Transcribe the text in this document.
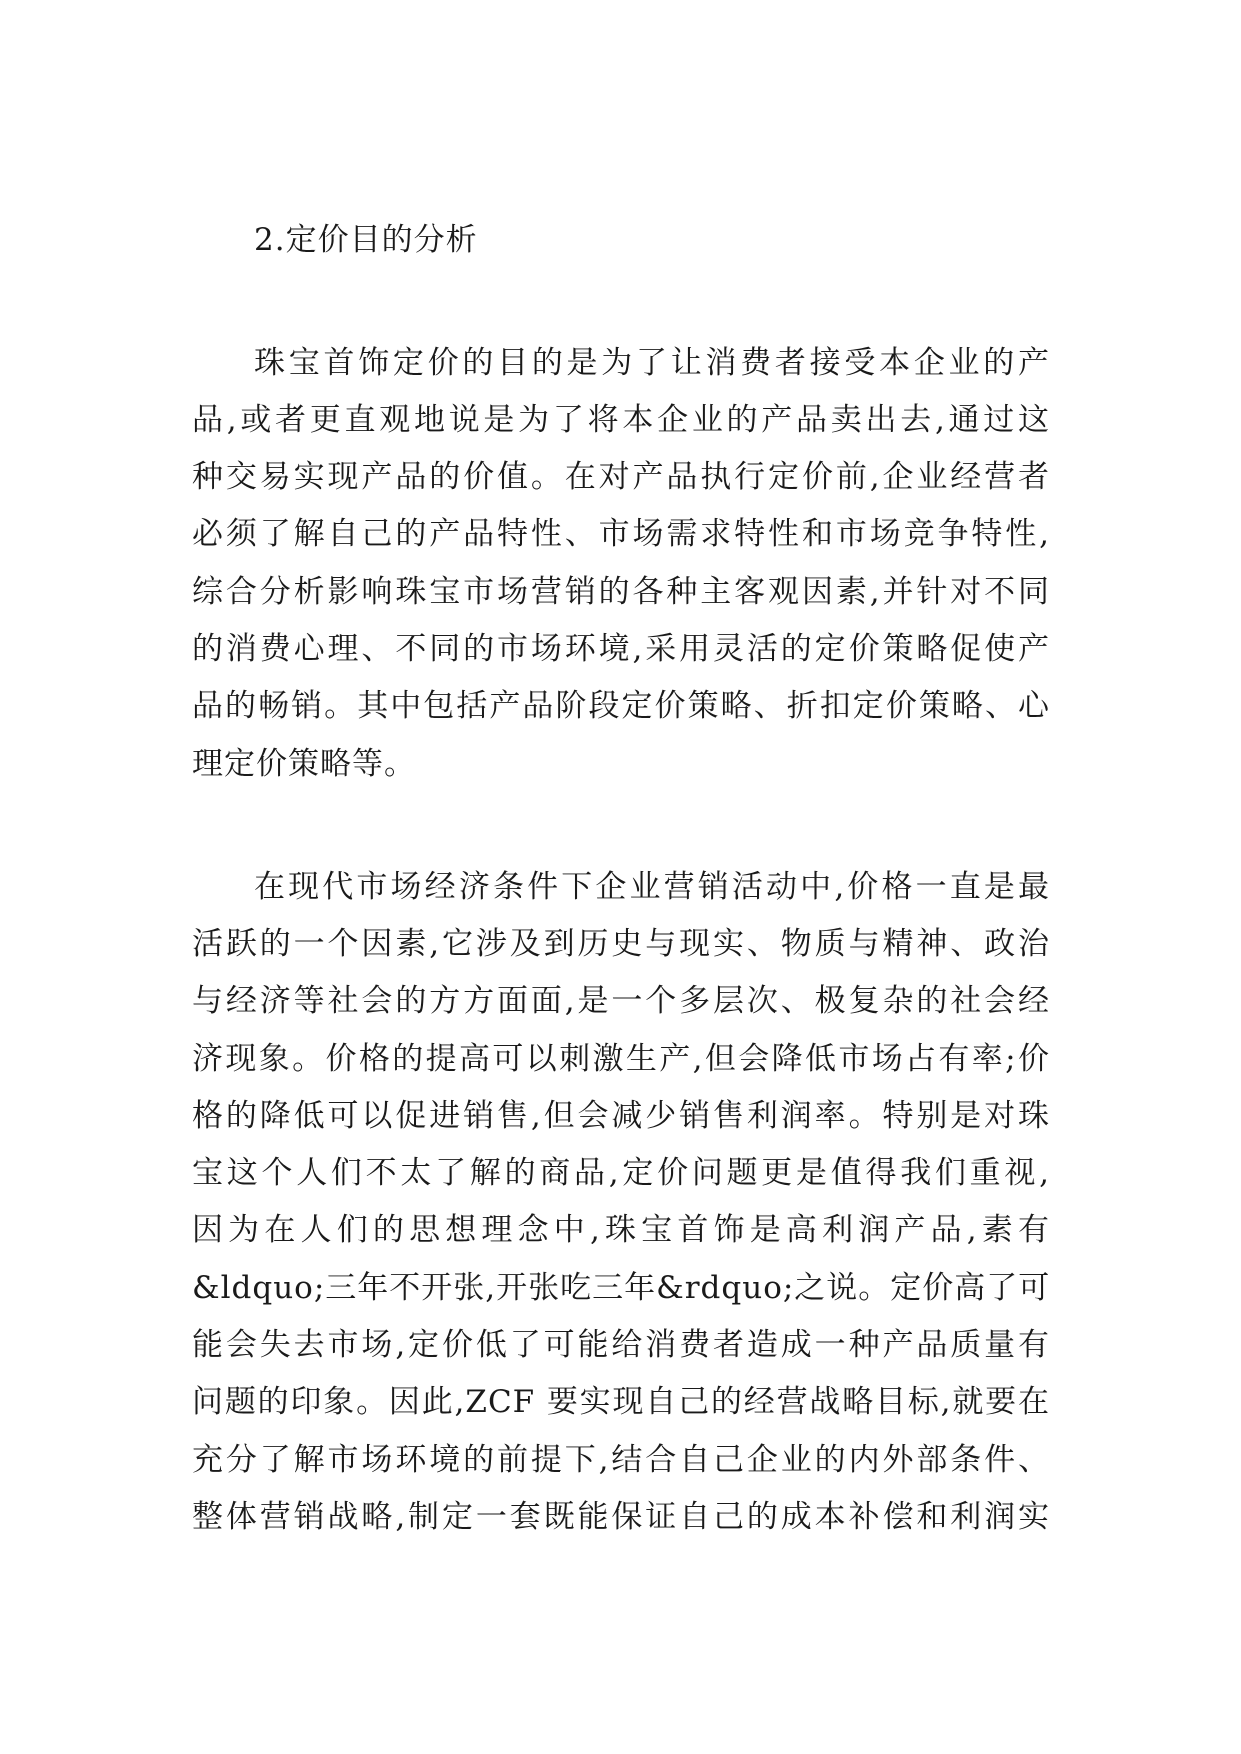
2.定价目的分析
珠宝首饰定价的目的是为了让消费者接受本企业的产
品,或者更直观地说是为了将本企业的产品卖出去,通过这
种交易实现产品的价值。在对产品执行定价前,企业经营者
必须了解自己的产品特性、市场需求特性和市场竞争特性,
综合分析影响珠宝市场营销的各种主客观因素,并针对不同
的消费心理、不同的市场环境,采用灵活的定价策略促使产
品的畅销。其中包括产品阶段定价策略、折扣定价策略、心
理定价策略等。
在现代市场经济条件下企业营销活动中,价格一直是最
活跃的一个因素,它涉及到历史与现实、物质与精神、政治
与经济等社会的方方面面,是一个多层次、极复杂的社会经
济现象。价格的提高可以刺激生产,但会降低市场占有率;价
格的降低可以促进销售,但会减少销售利润率。特别是对珠
宝这个人们不太了解的商品,定价问题更是值得我们重视,
因为在人们的思想理念中,珠宝首饰是高利润产品,素有
&ldquo;三年不开张,开张吃三年&rdquo;之说。定价高了可
能会失去市场,定价低了可能给消费者造成一种产品质量有
问题的印象。因此,ZCF 要实现自己的经营战略目标,就要在
充分了解市场环境的前提下,结合自己企业的内外部条件、
整体营销战略,制定一套既能保证自己的成本补偿和利润实
